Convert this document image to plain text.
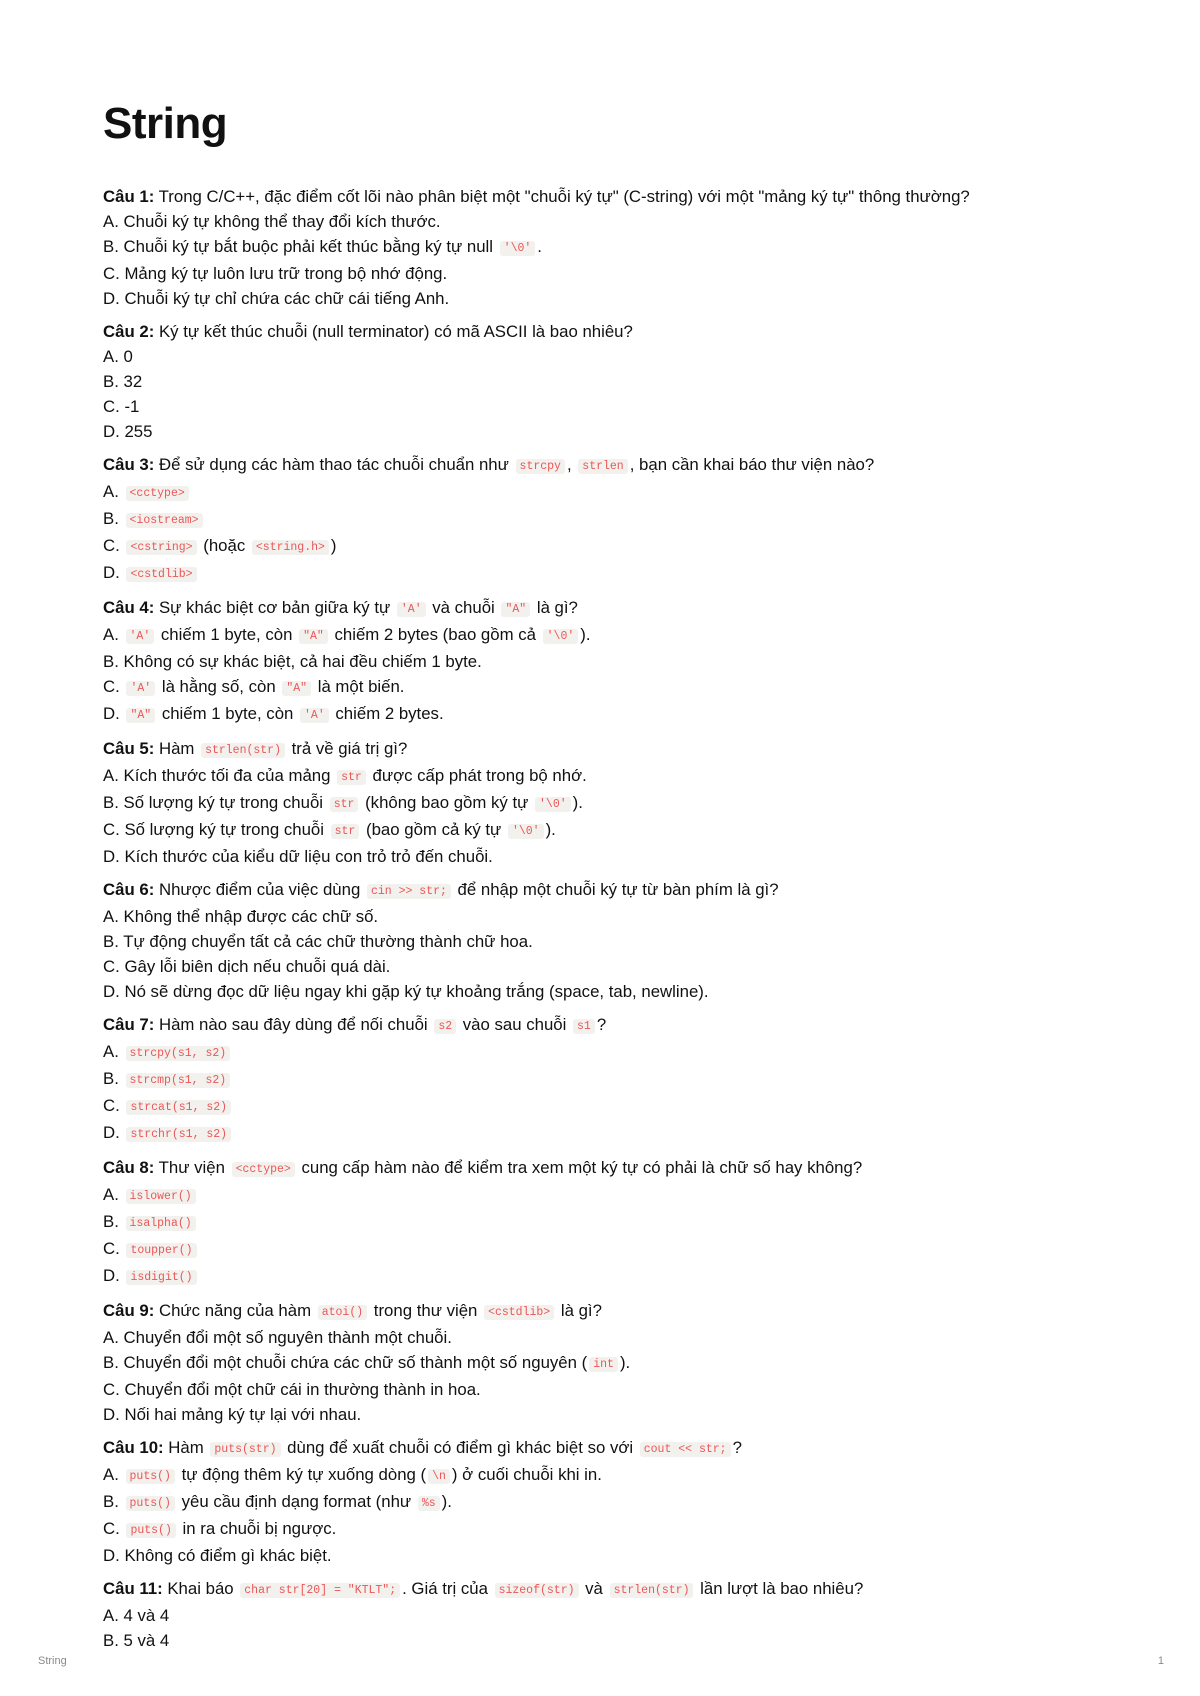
String
Câu 1: Trong C/C++, đặc điểm cốt lõi nào phân biệt một "chuỗi ký tự" (C-string) với một "mảng ký tự" thông thường?
A. Chuỗi ký tự không thể thay đổi kích thước.
B. Chuỗi ký tự bắt buộc phải kết thúc bằng ký tự null '\0' .
C. Mảng ký tự luôn lưu trữ trong bộ nhớ động.
D. Chuỗi ký tự chỉ chứa các chữ cái tiếng Anh.
Câu 2: Ký tự kết thúc chuỗi (null terminator) có mã ASCII là bao nhiêu?
A. 0
B. 32
C. -1
D. 255
Câu 3: Để sử dụng các hàm thao tác chuỗi chuẩn như strcpy , strlen , bạn cần khai báo thư viện nào?
A. <cctype>
B. <iostream>
C. <cstring> (hoặc <string.h> )
D. <cstdlib>
Câu 4: Sự khác biệt cơ bản giữa ký tự 'A' và chuỗi "A" là gì?
A. 'A' chiếm 1 byte, còn "A" chiếm 2 bytes (bao gồm cả '\0' ).
B. Không có sự khác biệt, cả hai đều chiếm 1 byte.
C. 'A' là hằng số, còn "A" là một biến.
D. "A" chiếm 1 byte, còn 'A' chiếm 2 bytes.
Câu 5: Hàm strlen(str) trả về giá trị gì?
A. Kích thước tối đa của mảng str được cấp phát trong bộ nhớ.
B. Số lượng ký tự trong chuỗi str (không bao gồm ký tự '\0' ).
C. Số lượng ký tự trong chuỗi str (bao gồm cả ký tự '\0' ).
D. Kích thước của kiểu dữ liệu con trỏ trỏ đến chuỗi.
Câu 6: Nhược điểm của việc dùng cin >> str; để nhập một chuỗi ký tự từ bàn phím là gì?
A. Không thể nhập được các chữ số.
B. Tự động chuyển tất cả các chữ thường thành chữ hoa.
C. Gây lỗi biên dịch nếu chuỗi quá dài.
D. Nó sẽ dừng đọc dữ liệu ngay khi gặp ký tự khoảng trắng (space, tab, newline).
Câu 7: Hàm nào sau đây dùng để nối chuỗi s2 vào sau chuỗi s1 ?
A. strcpy(s1, s2)
B. strcmp(s1, s2)
C. strcat(s1, s2)
D. strchr(s1, s2)
Câu 8: Thư viện <cctype> cung cấp hàm nào để kiểm tra xem một ký tự có phải là chữ số hay không?
A. islower()
B. isalpha()
C. toupper()
D. isdigit()
Câu 9: Chức năng của hàm atoi() trong thư viện <cstdlib> là gì?
A. Chuyển đổi một số nguyên thành một chuỗi.
B. Chuyển đổi một chuỗi chứa các chữ số thành một số nguyên ( int ).
C. Chuyển đổi một chữ cái in thường thành in hoa.
D. Nối hai mảng ký tự lại với nhau.
Câu 10: Hàm puts(str) dùng để xuất chuỗi có điểm gì khác biệt so với cout << str; ?
A. puts() tự động thêm ký tự xuống dòng ( \n ) ở cuối chuỗi khi in.
B. puts() yêu cầu định dạng format (như %s ).
C. puts() in ra chuỗi bị ngược.
D. Không có điểm gì khác biệt.
Câu 11: Khai báo char str[20] = "KTLT"; . Giá trị của sizeof(str) và strlen(str) lần lượt là bao nhiêu?
A. 4 và 4
B. 5 và 4
String	1
